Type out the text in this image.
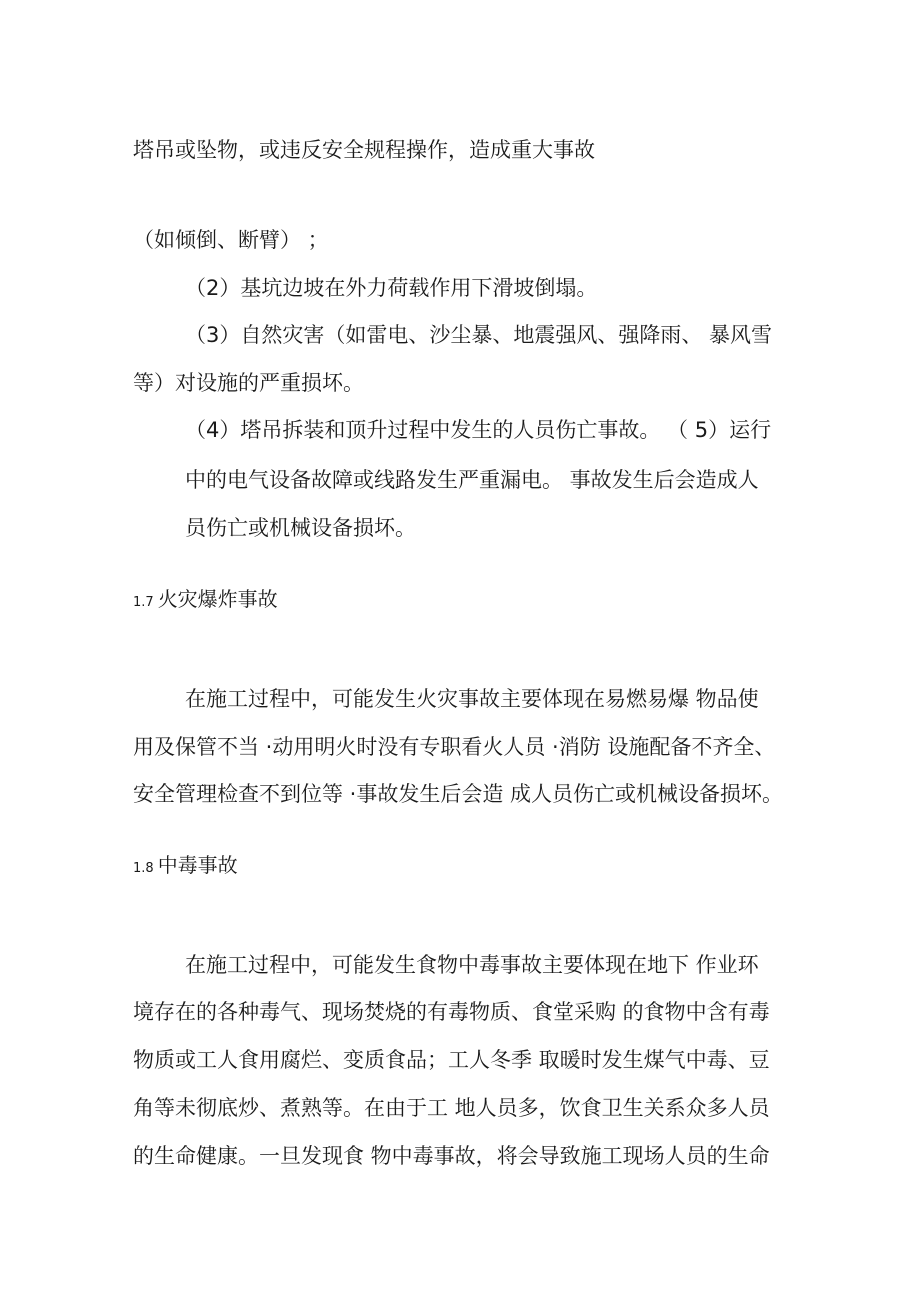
塔吊或坠物，或违反安全规程操作，造成重大事故
（如倾倒、断臂） ；
（2）基坑边坡在外力荷载作用下滑坡倒塌。
（3）自然灾害（如雷电、沙尘暴、地震强风、强降雨、 暴风雪
等）对设施的严重损坏。
（4）塔吊拆装和顶升过程中发生的人员伤亡事故。 （ 5）运行
中的电气设备故障或线路发生严重漏电。 事故发生后会造成人
员伤亡或机械设备损坏。
1.7 火灾爆炸事故
在施工过程中，可能发生火灾事故主要体现在易燃易爆 物品使
用及保管不当 ·动用明火时没有专职看火人员 ·消防 设施配备不齐全、
安全管理检查不到位等 ·事故发生后会造 成人员伤亡或机械设备损坏。
1.8 中毒事故
在施工过程中，可能发生食物中毒事故主要体现在地下 作业环
境存在的各种毒气、现场焚烧的有毒物质、食堂采购 的食物中含有毒
物质或工人食用腐烂、变质食品；工人冬季 取暖时发生煤气中毒、豆
角等未彻底炒、煮熟等。在由于工 地人员多，饮食卫生关系众多人员
的生命健康。一旦发现食 物中毒事故，将会导致施工现场人员的生命
